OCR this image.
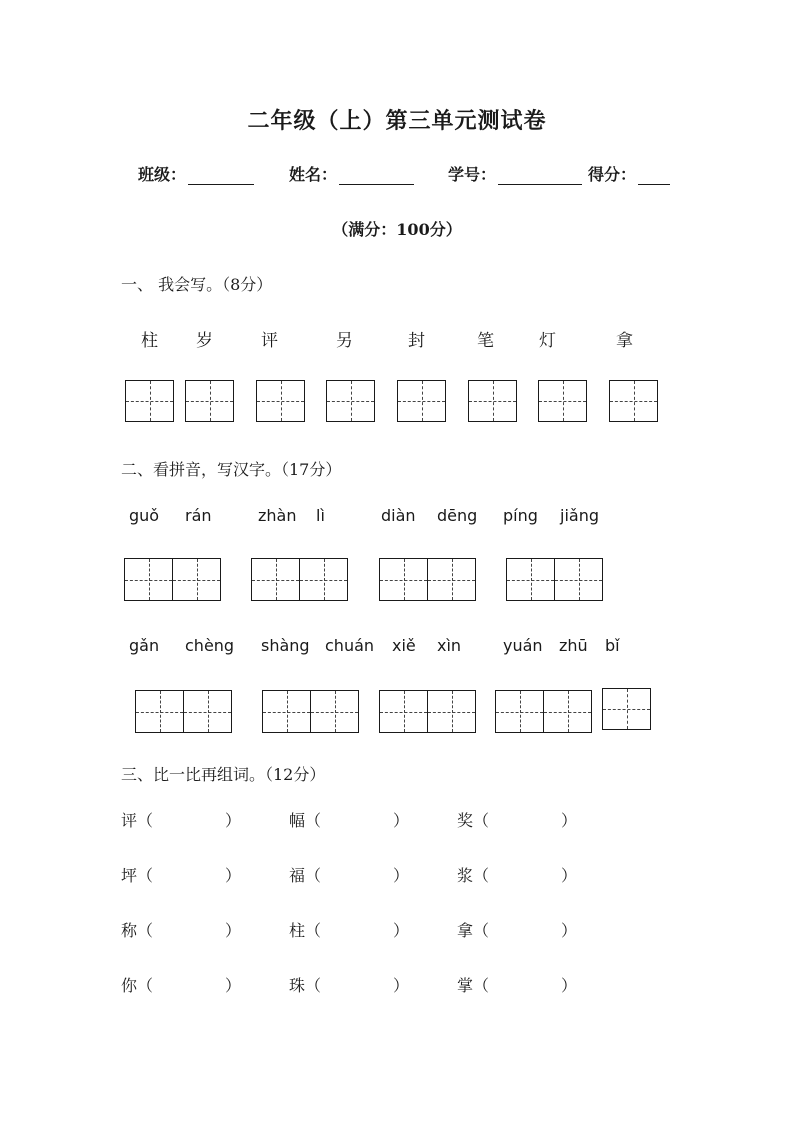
二年级（上）第三单元测试卷
班级：	姓名：	学号：	得分：
（满分：100分）
一、 我会写。（8分）
柱 岁	评	另	封	笔	灯	拿
二、看拼音，写汉字。（17分）
guǒ rán	zhàn lì	diàn dēng píng jiǎng
gǎn chèng shàng chuán xiě xìn	yuán zhū bǐ
三、比一比再组词。（12分）
评（	）	幅（	）	奖（	）
坪（	）	福（	）	浆（	）
称（	）	柱（	）	拿（	）
你（	）	珠（	）	掌（	）
